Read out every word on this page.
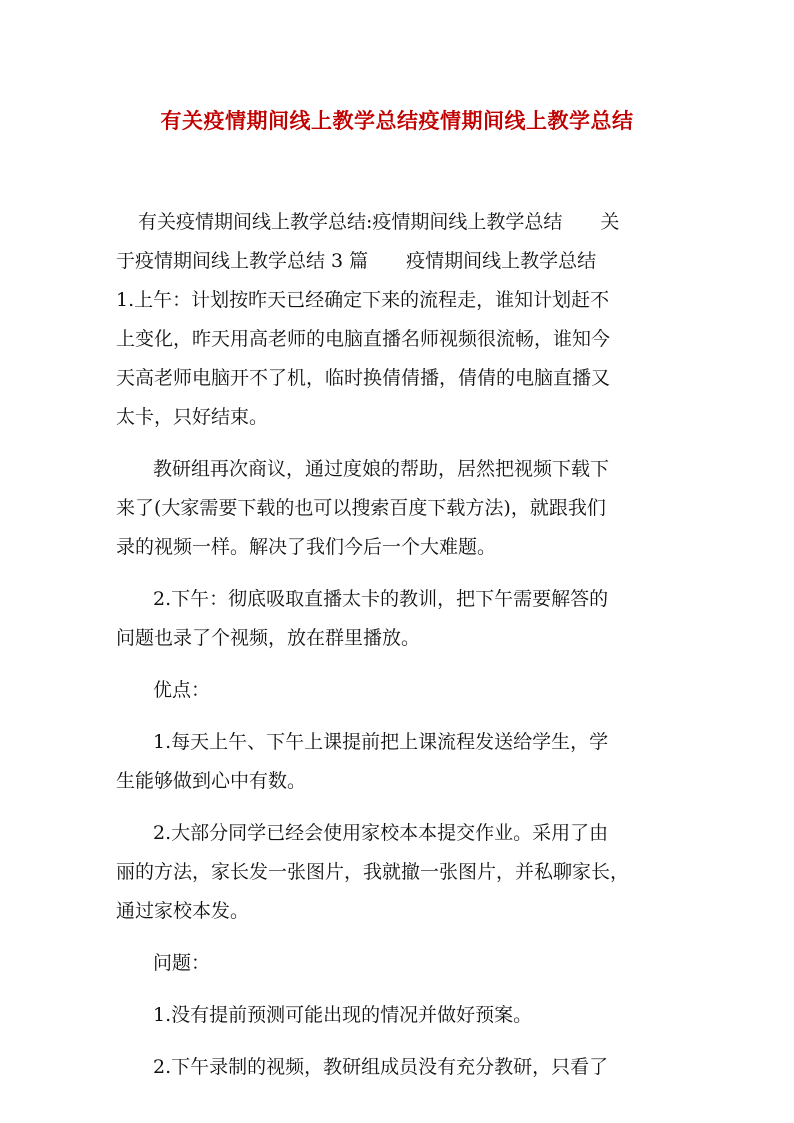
有关疫情期间线上教学总结疫情期间线上教学总结

有关疫情期间线上教学总结:疫情期间线上教学总结　　关
于疫情期间线上教学总结 3 篇　　疫情期间线上教学总结
1.上午：计划按昨天已经确定下来的流程走，谁知计划赶不
上变化，昨天用高老师的电脑直播名师视频很流畅，谁知今
天高老师电脑开不了机，临时换倩倩播，倩倩的电脑直播又
太卡，只好结束。

教研组再次商议，通过度娘的帮助，居然把视频下载下
来了(大家需要下载的也可以搜索百度下载方法)，就跟我们
录的视频一样。解决了我们今后一个大难题。

2.下午：彻底吸取直播太卡的教训，把下午需要解答的
问题也录了个视频，放在群里播放。

优点：

1.每天上午、下午上课提前把上课流程发送给学生，学
生能够做到心中有数。

2.大部分同学已经会使用家校本本提交作业。采用了由
丽的方法，家长发一张图片，我就撤一张图片，并私聊家长，
通过家校本发。

问题：

1.没有提前预测可能出现的情况并做好预案。

2.下午录制的视频，教研组成员没有充分教研，只看了
